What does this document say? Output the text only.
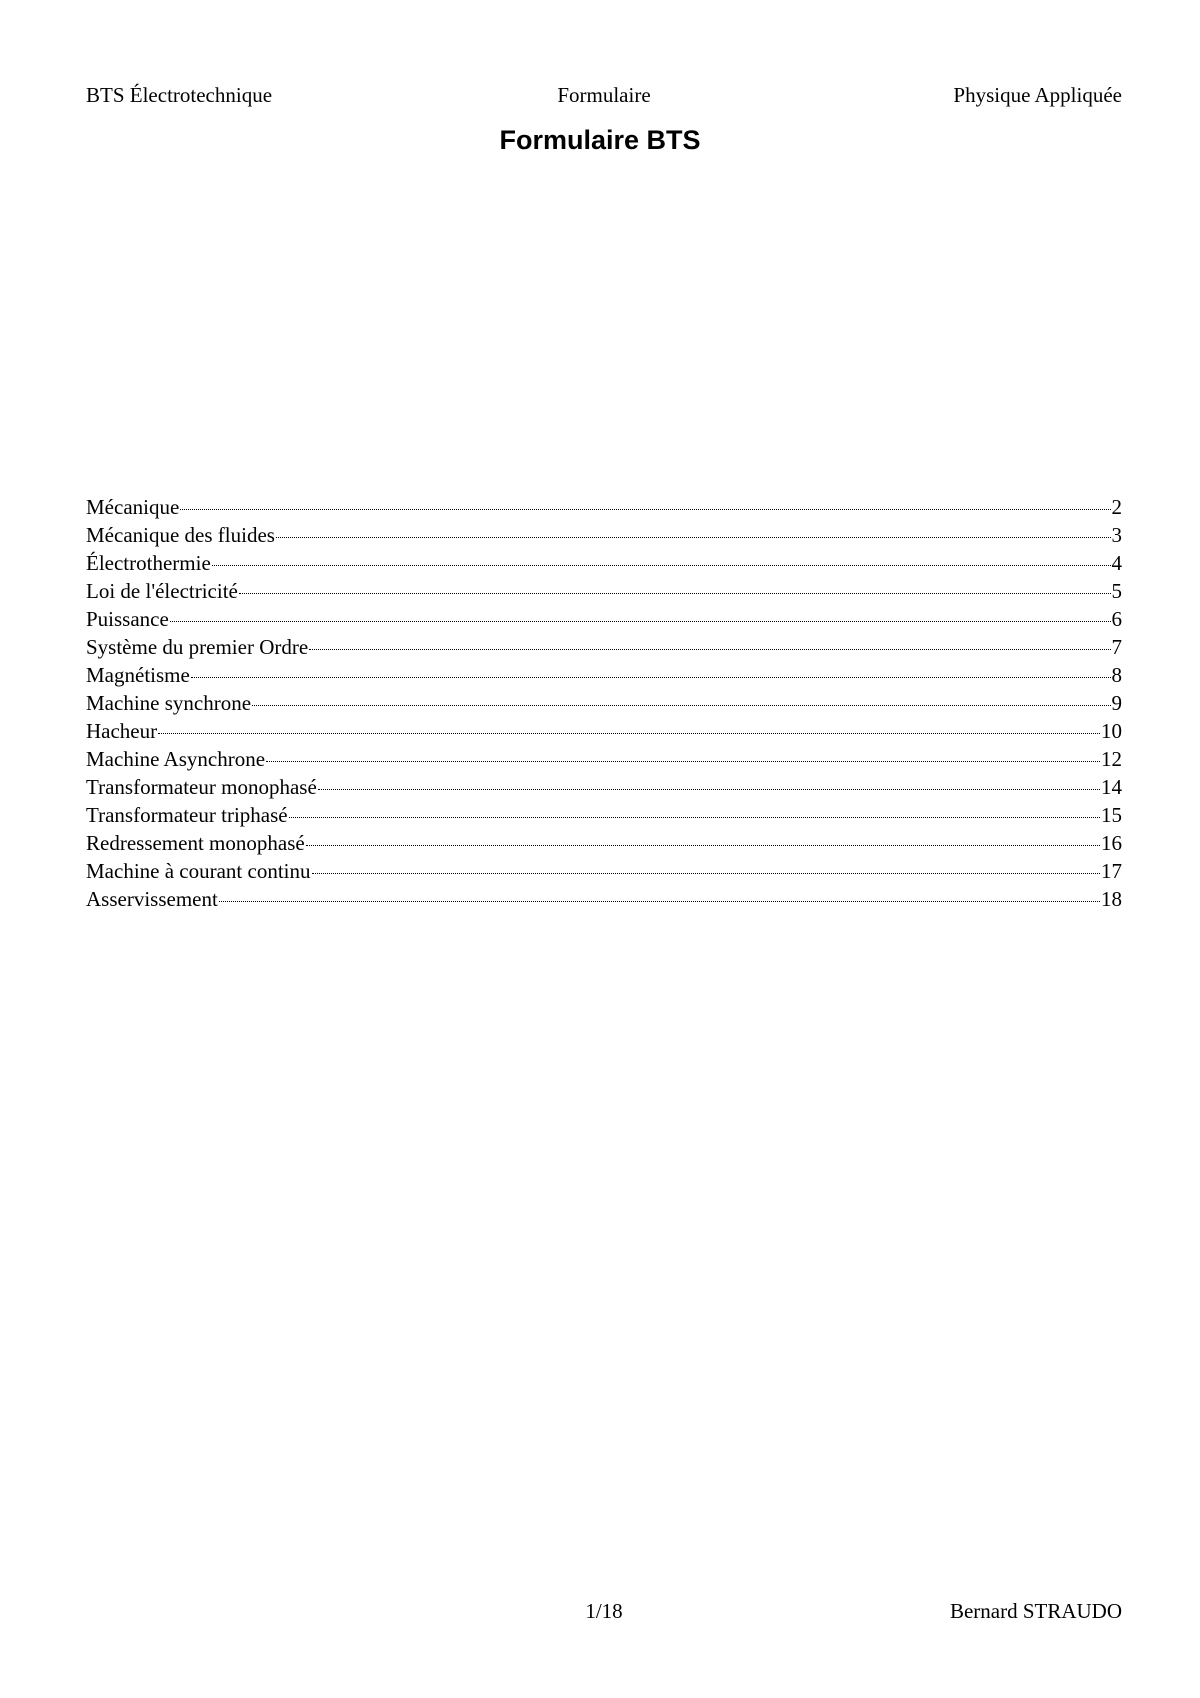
BTS Électrotechnique	Formulaire	Physique Appliquée
Formulaire BTS
Mécanique	2
Mécanique des fluides	3
Électrothermie	4
Loi de l'électricité	5
Puissance	6
Système du premier Ordre	7
Magnétisme	8
Machine synchrone	9
Hacheur	10
Machine Asynchrone	12
Transformateur monophasé	14
Transformateur triphasé	15
Redressement monophasé	16
Machine à courant continu	17
Asservissement	18
1/18	Bernard STRAUDO
